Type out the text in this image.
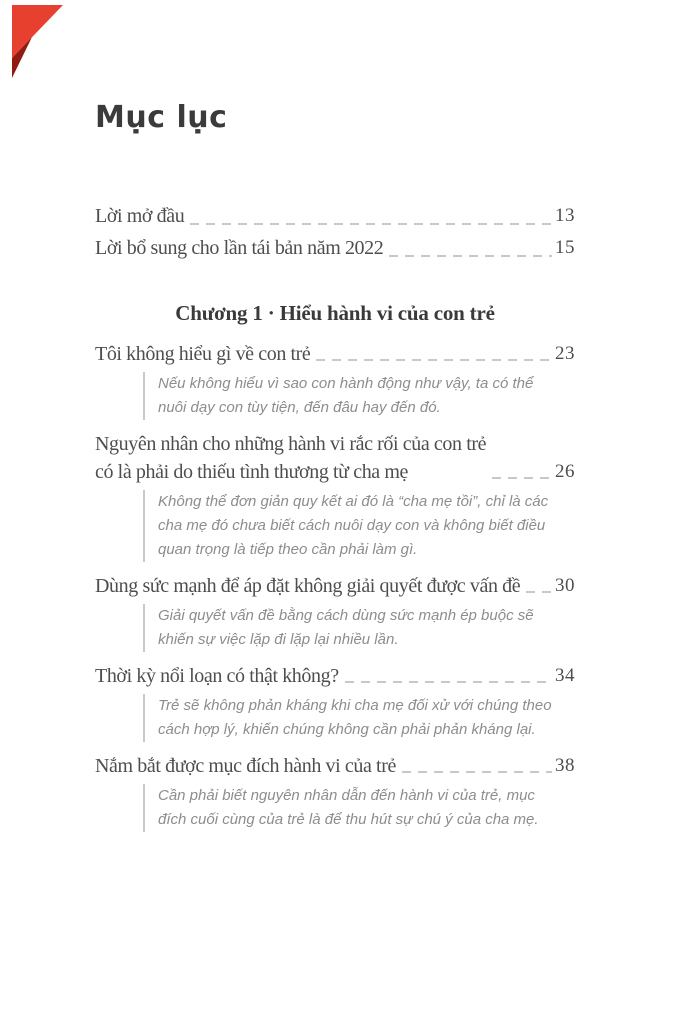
Mục lục
Lời mở đầu	13
Lời bổ sung cho lần tái bản năm 2022	15
Chương 1 · Hiểu hành vi của con trẻ
Tôi không hiểu gì về con trẻ	23
Nếu không hiểu vì sao con hành động như vậy, ta có thể nuôi dạy con tùy tiện, đến đâu hay đến đó.
Nguyên nhân cho những hành vi rắc rối của con trẻ
có là phải do thiếu tình thương từ cha mẹ	26
Không thể đơn giản quy kết ai đó là “cha mẹ tồi”, chỉ là các cha mẹ đó chưa biết cách nuôi dạy con và không biết điều quan trọng là tiếp theo cần phải làm gì.
Dùng sức mạnh để áp đặt không giải quyết được vấn đề 30
Giải quyết vấn đề bằng cách dùng sức mạnh ép buộc sẽ khiến sự việc lặp đi lặp lại nhiều lần.
Thời kỳ nổi loạn có thật không?	34
Trẻ sẽ không phản kháng khi cha mẹ đối xử với chúng theo cách hợp lý, khiến chúng không cần phải phản kháng lại.
Nắm bắt được mục đích hành vi của trẻ	38
Cần phải biết nguyên nhân dẫn đến hành vi của trẻ, mục đích cuối cùng của trẻ là để thu hút sự chú ý của cha mẹ.
